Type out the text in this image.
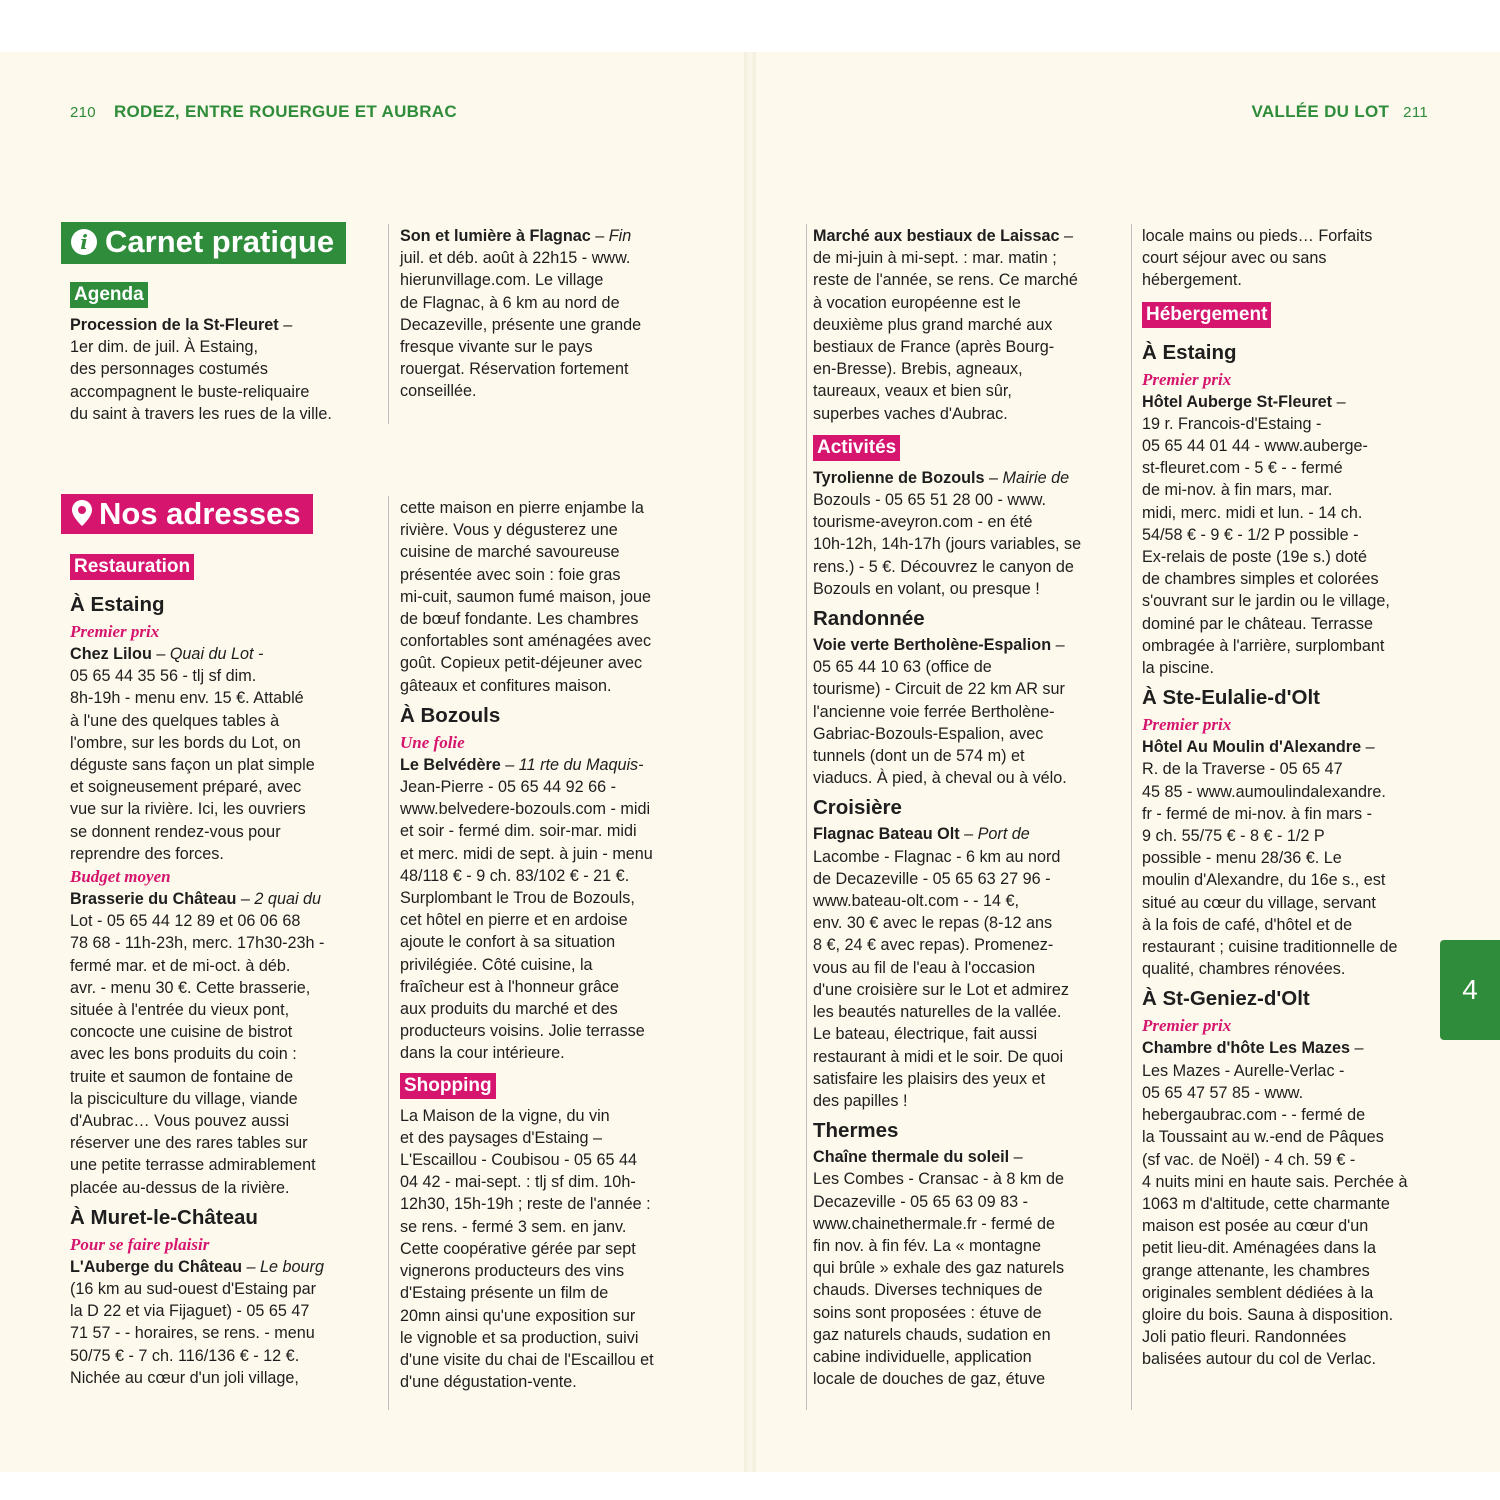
210 RODEZ, ENTRE ROUERGUE ET AUBRAC	VALLÉE DU LOT 211
i Carnet pratique
Agenda

Procession de la St-Fleuret –

1er dim. de juil. À Estaing,

des personnages costumés

accompagnent le buste-reliquaire

du saint à travers les rues de la ville.

Son et lumière à Flagnac – Fin

juil. et déb. août à 22h15 - www.

hierunvillage.com. Le village

de Flagnac, à 6 km au nord de

Decazeville, présente une grande

fresque vivante sur le pays

rouergat. Réservation fortement

conseillée.

Nos adresses
Restauration
À Estaing
Premier prix

Chez Lilou – Quai du Lot -

05 65 44 35 56 - tlj sf dim.

8h-19h - menu env. 15 €. Attablé

à l'une des quelques tables à

l'ombre, sur les bords du Lot, on

déguste sans façon un plat simple

et soigneusement préparé, avec

vue sur la rivière. Ici, les ouvriers

se donnent rendez-vous pour

reprendre des forces.

Budget moyen

Brasserie du Château – 2 quai du

Lot - 05 65 44 12 89 et 06 06 68

78 68 - 11h-23h, merc. 17h30-23h -

fermé mar. et de mi-oct. à déb.

avr. - menu 30 €. Cette brasserie,

située à l'entrée du vieux pont,

concocte une cuisine de bistrot

avec les bons produits du coin :

truite et saumon de fontaine de

la pisciculture du village, viande

d'Aubrac… Vous pouvez aussi

réserver une des rares tables sur

une petite terrasse admirablement

placée au-dessus de la rivière.

À Muret-le-Château
Pour se faire plaisir

L'Auberge du Château – Le bourg

(16 km au sud-ouest d'Estaing par

la D 22 et via Fijaguet) - 05 65 47

71 57 - - horaires, se rens. - menu

50/75 € - 7 ch. 116/136 € - 12 €.

Nichée au cœur d'un joli village,

cette maison en pierre enjambe la

rivière. Vous y dégusterez une

cuisine de marché savoureuse

présentée avec soin : foie gras

mi-cuit, saumon fumé maison, joue

de bœuf fondante. Les chambres

confortables sont aménagées avec

goût. Copieux petit-déjeuner avec

gâteaux et confitures maison.

À Bozouls
Une folie

Le Belvédère – 11 rte du Maquis-

Jean-Pierre - 05 65 44 92 66 -

www.belvedere-bozouls.com - midi

et soir - fermé dim. soir-mar. midi

et merc. midi de sept. à juin - menu

48/118 € - 9 ch. 83/102 € - 21 €.

Surplombant le Trou de Bozouls,

cet hôtel en pierre et en ardoise

ajoute le confort à sa situation

privilégiée. Côté cuisine, la

fraîcheur est à l'honneur grâce

aux produits du marché et des

producteurs voisins. Jolie terrasse

dans la cour intérieure.

Shopping

La Maison de la vigne, du vin

et des paysages d'Estaing –

L'Escaillou - Coubisou - 05 65 44

04 42 - mai-sept. : tlj sf dim. 10h-

12h30, 15h-19h ; reste de l'année :

se rens. - fermé 3 sem. en janv.

Cette coopérative gérée par sept

vignerons producteurs des vins

d'Estaing présente un film de

20mn ainsi qu'une exposition sur

le vignoble et sa production, suivi

d'une visite du chai de l'Escaillou et

d'une dégustation-vente.

Marché aux bestiaux de Laissac –

de mi-juin à mi-sept. : mar. matin ;

reste de l'année, se rens. Ce marché

à vocation européenne est le

deuxième plus grand marché aux

bestiaux de France (après Bourg-

en-Bresse). Brebis, agneaux,

taureaux, veaux et bien sûr,

superbes vaches d'Aubrac.

Activités

Tyrolienne de Bozouls – Mairie de

Bozouls - 05 65 51 28 00 - www.

tourisme-aveyron.com - en été

10h-12h, 14h-17h (jours variables, se

rens.) - 5 €. Découvrez le canyon de

Bozouls en volant, ou presque !

Randonnée

Voie verte Bertholène-Espalion –

05 65 44 10 63 (office de

tourisme) - Circuit de 22 km AR sur

l'ancienne voie ferrée Bertholène-

Gabriac-Bozouls-Espalion, avec

tunnels (dont un de 574 m) et

viaducs. À pied, à cheval ou à vélo.

Croisière

Flagnac Bateau Olt – Port de

Lacombe - Flagnac - 6 km au nord

de Decazeville - 05 65 63 27 96 -

www.bateau-olt.com - - 14 €,

env. 30 € avec le repas (8-12 ans

8 €, 24 € avec repas). Promenez-

vous au fil de l'eau à l'occasion

d'une croisière sur le Lot et admirez

les beautés naturelles de la vallée.

Le bateau, électrique, fait aussi

restaurant à midi et le soir. De quoi

satisfaire les plaisirs des yeux et

des papilles !

Thermes

Chaîne thermale du soleil –

Les Combes - Cransac - à 8 km de

Decazeville - 05 65 63 09 83 -

www.chainethermale.fr - fermé de

fin nov. à fin fév. La « montagne

qui brûle » exhale des gaz naturels

chauds. Diverses techniques de

soins sont proposées : étuve de

gaz naturels chauds, sudation en

cabine individuelle, application

locale de douches de gaz, étuve

locale mains ou pieds… Forfaits

court séjour avec ou sans

hébergement.

Hébergement
À Estaing
Premier prix

Hôtel Auberge St-Fleuret –

19 r. Francois-d'Estaing -

05 65 44 01 44 - www.auberge-

st-fleuret.com - 5 € - - fermé

de mi-nov. à fin mars, mar.

midi, merc. midi et lun. - 14 ch.

54/58 € - 9 € - 1/2 P possible -

Ex-relais de poste (19e s.) doté

de chambres simples et colorées

s'ouvrant sur le jardin ou le village,

dominé par le château. Terrasse

ombragée à l'arrière, surplombant

la piscine.

À Ste-Eulalie-d'Olt
Premier prix

Hôtel Au Moulin d'Alexandre –

R. de la Traverse - 05 65 47

45 85 - www.aumoulindalexandre.

fr - fermé de mi-nov. à fin mars -

9 ch. 55/75 € - 8 € - 1/2 P

possible - menu 28/36 €. Le

moulin d'Alexandre, du 16e s., est

situé au cœur du village, servant

à la fois de café, d'hôtel et de

restaurant ; cuisine traditionnelle de

qualité, chambres rénovées.

À St-Geniez-d'Olt
Premier prix

Chambre d'hôte Les Mazes –

Les Mazes - Aurelle-Verlac -

05 65 47 57 85 - www.

hebergaubrac.com - - fermé de

la Toussaint au w.-end de Pâques

(sf vac. de Noël) - 4 ch. 59 € -

4 nuits mini en haute sais. Perchée à

1063 m d'altitude, cette charmante

maison est posée au cœur d'un

petit lieu-dit. Aménagées dans la

grange attenante, les chambres

originales semblent dédiées à la

gloire du bois. Sauna à disposition.

Joli patio fleuri. Randonnées

balisées autour du col de Verlac.

4
